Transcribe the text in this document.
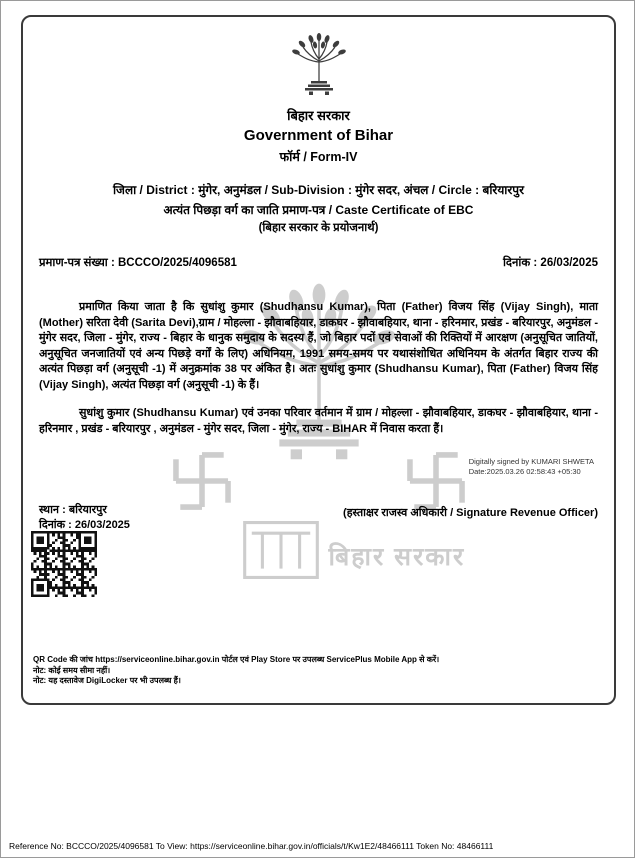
बिहार सरकार
बिहार सरकार
Government of Bihar
फॉर्म / Form-IV
जिला / District : मुंगेर, अनुमंडल / Sub-Division : मुंगेर सदर, अंचल / Circle : बरियारपुर
अत्यंत पिछड़ा वर्ग का जाति प्रमाण-पत्र / Caste Certificate of EBC
(बिहार सरकार के प्रयोजनार्थ)
प्रमाण-पत्र संख्या : BCCCO/2025/4096581	दिनांक : 26/03/2025
प्रमाणित किया जाता है कि सुधांशु कुमार (Shudhansu Kumar), पिता (Father) विजय सिंह (Vijay Singh), माता (Mother) सरिता देवी (Sarita Devi),ग्राम / मोहल्ला - झौवाबहियार, डाकघर - झौवाबहियार, थाना - हरिनमार, प्रखंड - बरियारपुर, अनुमंडल - मुंगेर सदर, जिला - मुंगेर, राज्य - बिहार के धानुक समुदाय के सदस्य हैं, जो बिहार पदों एवं सेवाओं की रिक्तियों में आरक्षण (अनुसूचित जातियों, अनुसूचित जनजातियों एवं अन्य पिछड़े वर्गों के लिए) अधिनियम, 1991 समय-समय पर यथासंशोधित अधिनियम के अंतर्गत बिहार राज्य की अत्यंत पिछड़ा वर्ग (अनुसूची -1) में अनुक्रमांक 38 पर अंकित है। अतः सुधांशु कुमार (Shudhansu Kumar), पिता (Father) विजय सिंह (Vijay Singh), अत्यंत पिछड़ा वर्ग (अनुसूची -1) के हैं।
सुधांशु कुमार (Shudhansu Kumar) एवं उनका परिवार वर्तमान में ग्राम / मोहल्ला - झौवाबहियार, डाकघर - झौवाबहियार, थाना - हरिनमार , प्रखंड - बरियारपुर , अनुमंडल - मुंगेर सदर, जिला - मुंगेर, राज्य - BIHAR में निवास करता हैं।
Digitally signed by KUMARI SHWETA
Date:2025.03.26 02:58:43 +05:30
स्थान : बरियारपुर
दिनांक : 26/03/2025
(हस्ताक्षर राजस्व अधिकारी / Signature Revenue Officer)
QR Code की जांच https://serviceonline.bihar.gov.in पोर्टल एवं Play Store पर उपलब्ध ServicePlus Mobile App से करें।
नोट: कोई समय सीमा नहीं।
नोट: यह दस्तावेज DigiLocker पर भी उपलब्ध हैं।
Reference No: BCCCO/2025/4096581 To View: https://serviceonline.bihar.gov.in/officials/t/Kw1E2/48466111 Token No: 48466111
